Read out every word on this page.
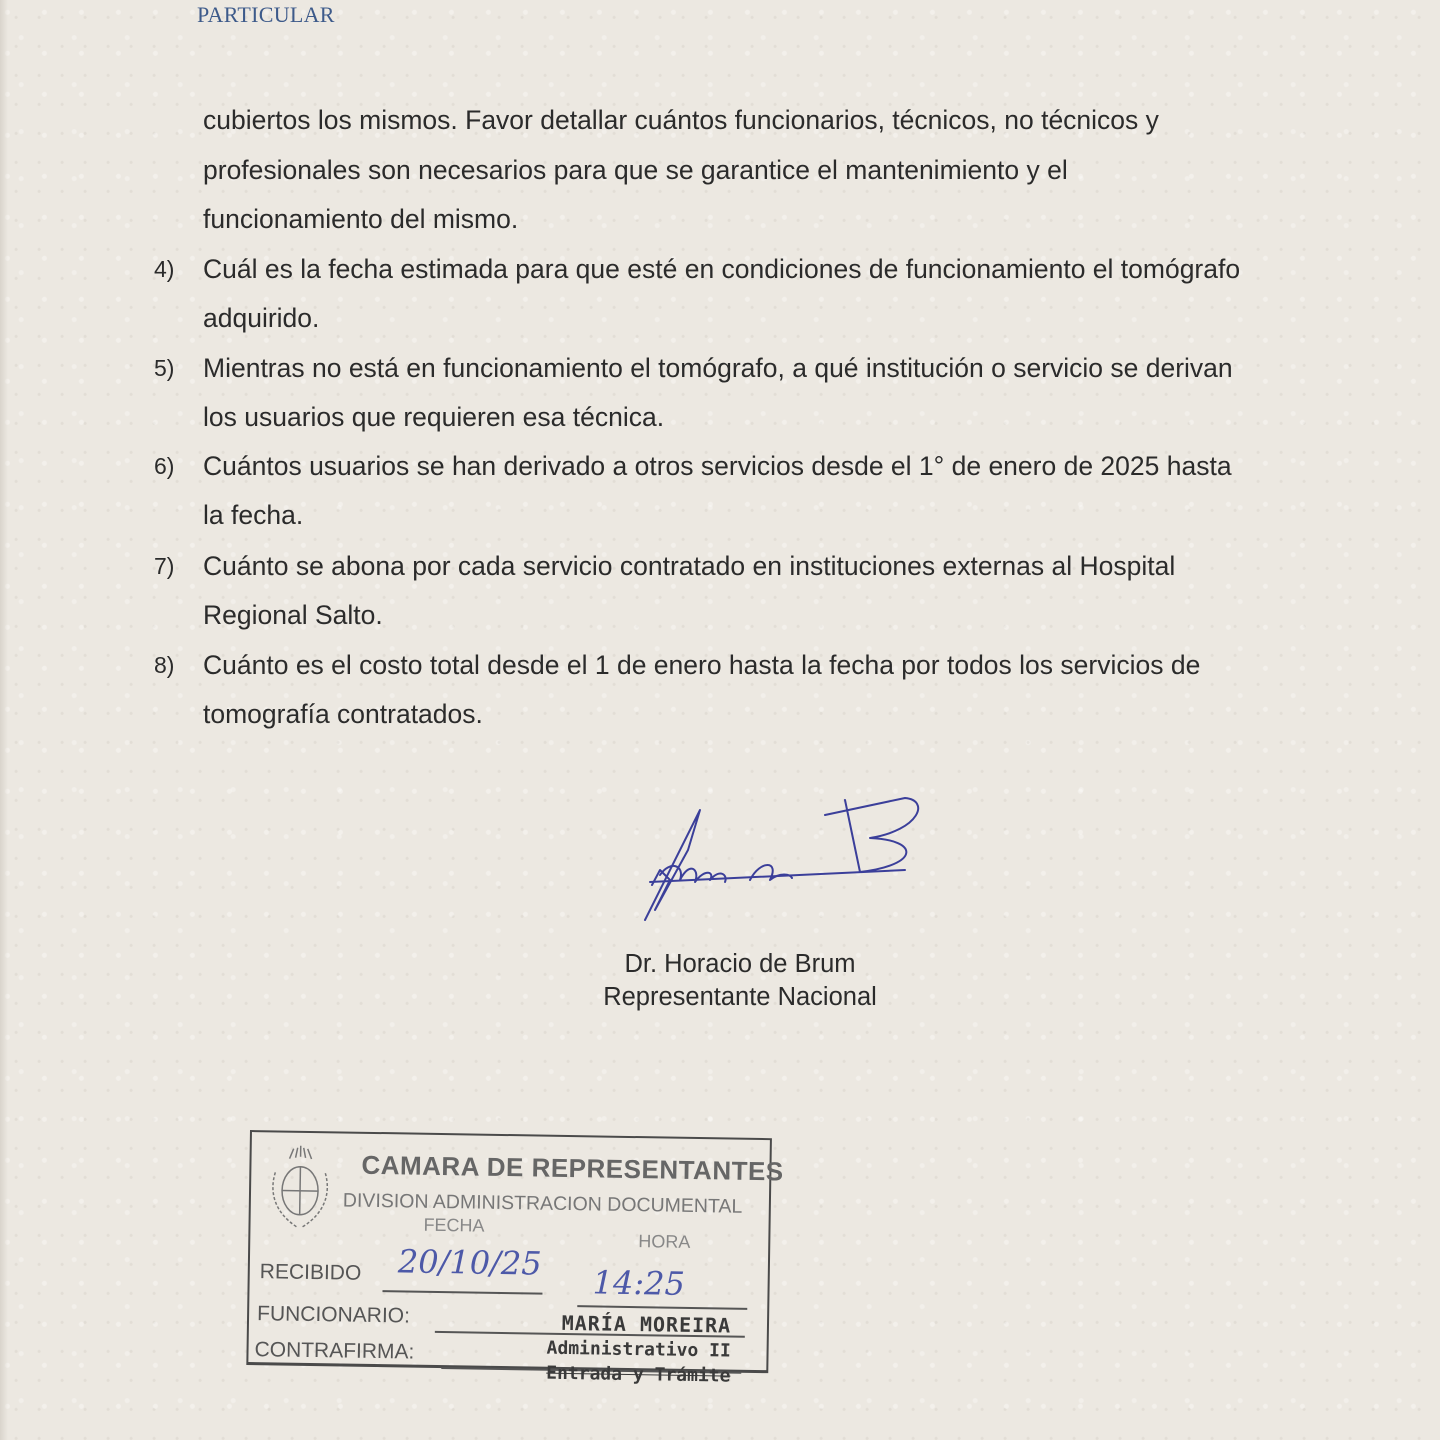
PARTICULAR
cubiertos los mismos. Favor detallar cuántos funcionarios, técnicos, no técnicos y
profesionales son necesarios para que se garantice el mantenimiento y el
funcionamiento del mismo.
4) Cuál es la fecha estimada para que esté en condiciones de funcionamiento el tomógrafo
adquirido.
5) Mientras no está en funcionamiento el tomógrafo, a qué institución o servicio se derivan
los usuarios que requieren esa técnica.
6) Cuántos usuarios se han derivado a otros servicios desde el 1° de enero de 2025 hasta
la fecha.
7) Cuánto se abona por cada servicio contratado en instituciones externas al Hospital
Regional Salto.
8) Cuánto es el costo total desde el 1 de enero hasta la fecha por todos los servicios de
tomografía contratados.
Dr. Horacio de Brum
Representante Nacional
CAMARA DE REPRESENTANTES
DIVISION ADMINISTRACION DOCUMENTAL
FECHA
HORA
RECIBIDO 20/10/25
14:25
FUNCIONARIO:
CONTRAFIRMA:
MARÍA MOREIRA
Administrativo II
Entrada y Trámite
